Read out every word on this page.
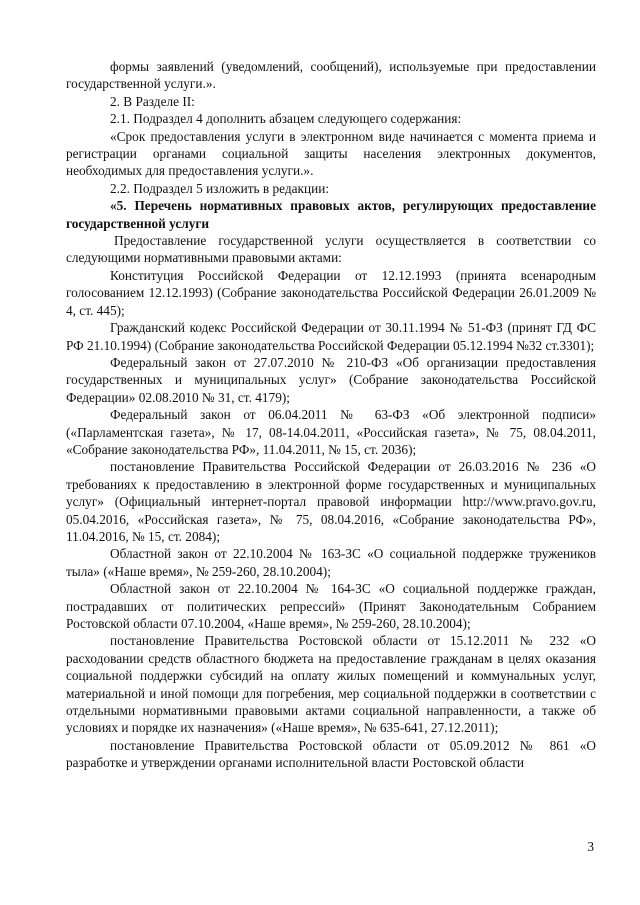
формы заявлений (уведомлений, сообщений), используемые при предоставлении государственной услуги.».

2. В Разделе II:

2.1. Подраздел 4 дополнить абзацем следующего содержания:

«Срок предоставления услуги в электронном виде начинается с момента приема и регистрации органами социальной защиты населения электронных документов, необходимых для предоставления услуги.».

2.2. Подраздел 5 изложить в редакции:

«5. Перечень нормативных правовых актов, регулирующих предоставление государственной услуги

Предоставление государственной услуги осуществляется в соответствии со следующими нормативными правовыми актами:

Конституция Российской Федерации от 12.12.1993 (принята всенародным голосованием 12.12.1993) (Собрание законодательства Российской Федерации 26.01.2009 № 4, ст. 445);

Гражданский кодекс Российской Федерации от 30.11.1994 № 51-ФЗ (принят ГД ФС РФ 21.10.1994) (Собрание законодательства Российской Федерации 05.12.1994 №32 ст.3301);

Федеральный закон от 27.07.2010 № 210-ФЗ «Об организации предоставления государственных и муниципальных услуг» (Собрание законодательства Российской Федерации» 02.08.2010 № 31, ст. 4179);

Федеральный закон от 06.04.2011 № 63-ФЗ «Об электронной подписи» («Парламентская газета», № 17, 08-14.04.2011, «Российская газета», № 75, 08.04.2011, «Собрание законодательства РФ», 11.04.2011, № 15, ст. 2036);

постановление Правительства Российской Федерации от 26.03.2016 № 236 «О требованиях к предоставлению в электронной форме государственных и муниципальных услуг» (Официальный интернет-портал правовой информации http://www.pravo.gov.ru, 05.04.2016, «Российская газета», № 75, 08.04.2016, «Собрание законодательства РФ», 11.04.2016, № 15, ст. 2084);

Областной закон от 22.10.2004 № 163-ЗС «О социальной поддержке тружеников тыла» («Наше время», № 259-260, 28.10.2004);

Областной закон от 22.10.2004 № 164-ЗС «О социальной поддержке граждан, пострадавших от политических репрессий» (Принят Законодательным Собранием Ростовской области 07.10.2004, «Наше время», № 259-260, 28.10.2004);

постановление Правительства Ростовской области от 15.12.2011 № 232 «О расходовании средств областного бюджета на предоставление гражданам в целях оказания социальной поддержки субсидий на оплату жилых помещений и коммунальных услуг, материальной и иной помощи для погребения, мер социальной поддержки в соответствии с отдельными нормативными правовыми актами социальной направленности, а также об условиях и порядке их назначения» («Наше время», № 635-641, 27.12.2011);

постановление Правительства Ростовской области от 05.09.2012 № 861 «О разработке и утверждении органами исполнительной власти Ростовской области

3
